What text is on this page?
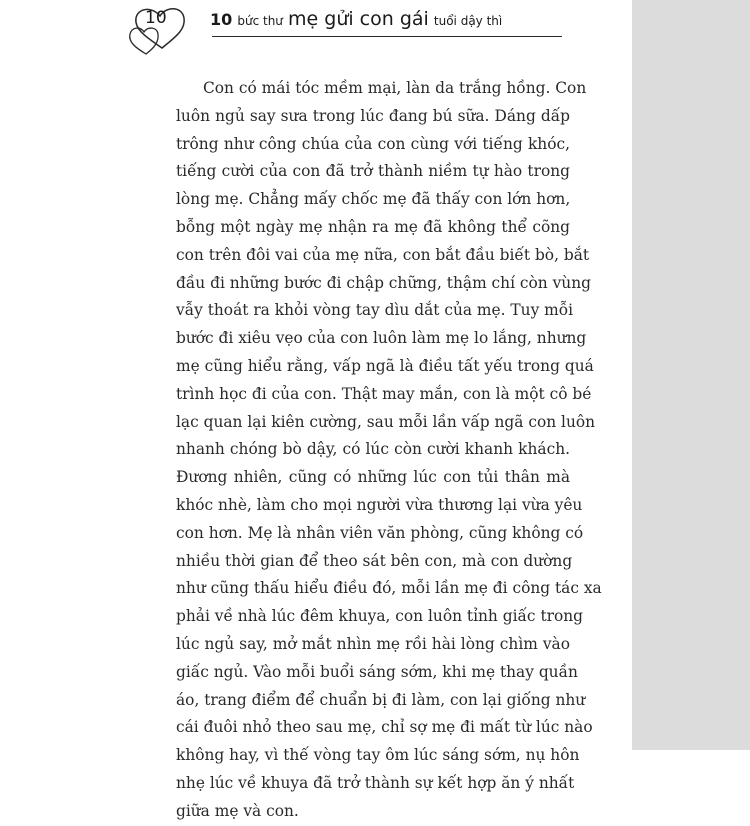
10	10 bức thư mẹ gửi con gái tuổi dậy thì
Con có mái tóc mềm mại, làn da trắng hồng. Con
luôn ngủ say sưa trong lúc đang bú sữa. Dáng dấp
trông như công chúa của con cùng với tiếng khóc,
tiếng cười của con đã trở thành niềm tự hào trong
lòng mẹ. Chẳng mấy chốc mẹ đã thấy con lớn hơn,
bỗng một ngày mẹ nhận ra mẹ đã không thể cõng
con trên đôi vai của mẹ nữa, con bắt đầu biết bò, bắt
đầu đi những bước đi chập chững, thậm chí còn vùng
vẫy thoát ra khỏi vòng tay dìu dắt của mẹ. Tuy mỗi
bước đi xiêu vẹo của con luôn làm mẹ lo lắng, nhưng
mẹ cũng hiểu rằng, vấp ngã là điều tất yếu trong quá
trình học đi của con. Thật may mắn, con là một cô bé
lạc quan lại kiên cường, sau mỗi lần vấp ngã con luôn
nhanh chóng bò dậy, có lúc còn cười khanh khách.
Đương nhiên, cũng có những lúc con tủi thân mà
khóc nhè, làm cho mọi người vừa thương lại vừa yêu
con hơn. Mẹ là nhân viên văn phòng, cũng không có
nhiều thời gian để theo sát bên con, mà con dường
như cũng thấu hiểu điều đó, mỗi lần mẹ đi công tác xa
phải về nhà lúc đêm khuya, con luôn tỉnh giấc trong
lúc ngủ say, mở mắt nhìn mẹ rồi hài lòng chìm vào
giấc ngủ. Vào mỗi buổi sáng sớm, khi mẹ thay quần
áo, trang điểm để chuẩn bị đi làm, con lại giống như
cái đuôi nhỏ theo sau mẹ, chỉ sợ mẹ đi mất từ lúc nào
không hay, vì thế vòng tay ôm lúc sáng sớm, nụ hôn
nhẹ lúc về khuya đã trở thành sự kết hợp ăn ý nhất
giữa mẹ và con.
